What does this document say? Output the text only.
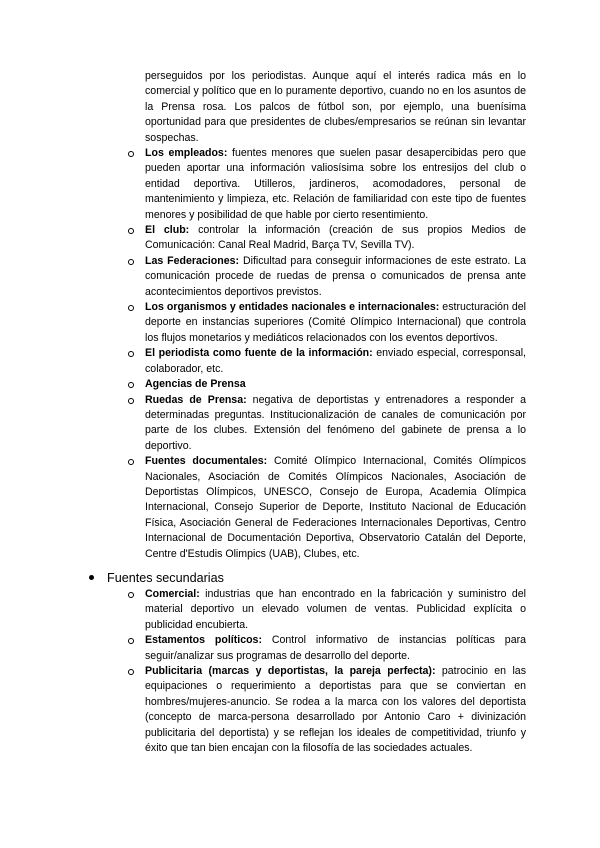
perseguidos por los periodistas. Aunque aquí el interés radica más en lo comercial y político que en lo puramente deportivo, cuando no en los asuntos de la Prensa rosa. Los palcos de fútbol son, por ejemplo, una buenísima oportunidad para que presidentes de clubes/empresarios se reúnan sin levantar sospechas.
Los empleados: fuentes menores que suelen pasar desapercibidas pero que pueden aportar una información valiosísima sobre los entresijos del club o entidad deportiva. Utilleros, jardineros, acomodadores, personal de mantenimiento y limpieza, etc. Relación de familiaridad con este tipo de fuentes menores y posibilidad de que hable por cierto resentimiento.
El club: controlar la información (creación de sus propios Medios de Comunicación: Canal Real Madrid, Barça TV, Sevilla TV).
Las Federaciones: Dificultad para conseguir informaciones de este estrato. La comunicación procede de ruedas de prensa o comunicados de prensa ante acontecimientos deportivos previstos.
Los organismos y entidades nacionales e internacionales: estructuración del deporte en instancias superiores (Comité Olímpico Internacional) que controla los flujos monetarios y mediáticos relacionados con los eventos deportivos.
El periodista como fuente de la información: enviado especial, corresponsal, colaborador, etc.
Agencias de Prensa
Ruedas de Prensa: negativa de deportistas y entrenadores a responder a determinadas preguntas. Institucionalización de canales de comunicación por parte de los clubes. Extensión del fenómeno del gabinete de prensa a lo deportivo.
Fuentes documentales: Comité Olímpico Internacional, Comités Olímpicos Nacionales, Asociación de Comités Olímpicos Nacionales, Asociación de Deportistas Olímpicos, UNESCO, Consejo de Europa, Academia Olímpica Internacional, Consejo Superior de Deporte, Instituto Nacional de Educación Física, Asociación General de Federaciones Internacionales Deportivas, Centro Internacional de Documentación Deportiva, Observatorio Catalán del Deporte, Centre d'Estudis Olimpics (UAB), Clubes, etc.
Fuentes secundarias
Comercial: industrias que han encontrado en la fabricación y suministro del material deportivo un elevado volumen de ventas. Publicidad explícita o publicidad encubierta.
Estamentos políticos: Control informativo de instancias políticas para seguir/analizar sus programas de desarrollo del deporte.
Publicitaria (marcas y deportistas, la pareja perfecta): patrocinio en las equipaciones o requerimiento a deportistas para que se conviertan en hombres/mujeres-anuncio. Se rodea a la marca con los valores del deportista (concepto de marca-persona desarrollado por Antonio Caro + divinización publicitaria del deportista) y se reflejan los ideales de competitividad, triunfo y éxito que tan bien encajan con la filosofía de las sociedades actuales.
